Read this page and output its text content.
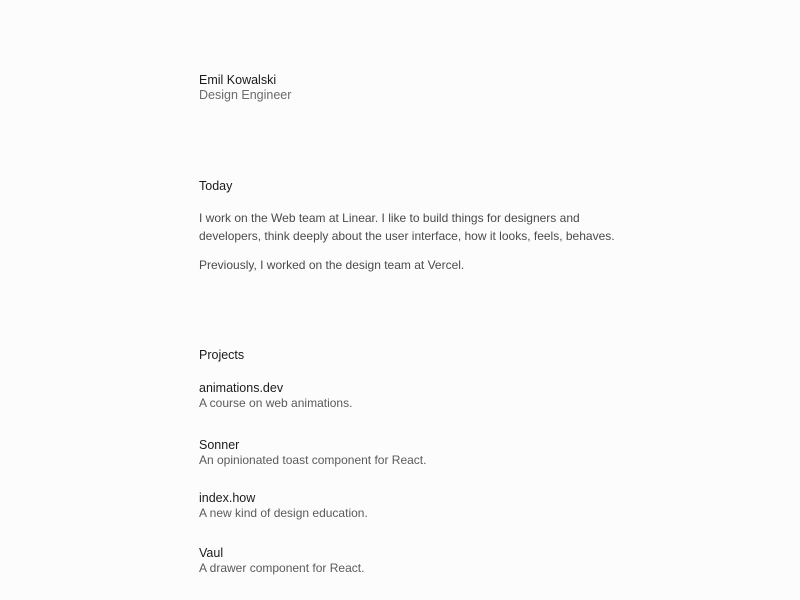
Emil Kowalski
Design Engineer
Today

I work on the Web team at Linear. I like to build things for designers and developers, think deeply about the user interface, how it looks, feels, behaves.

Previously, I worked on the design team at Vercel.

Projects
animations.dev
A course on web animations.
Sonner
An opinionated toast component for React.
index.how
A new kind of design education.
Vaul
A drawer component for React.
